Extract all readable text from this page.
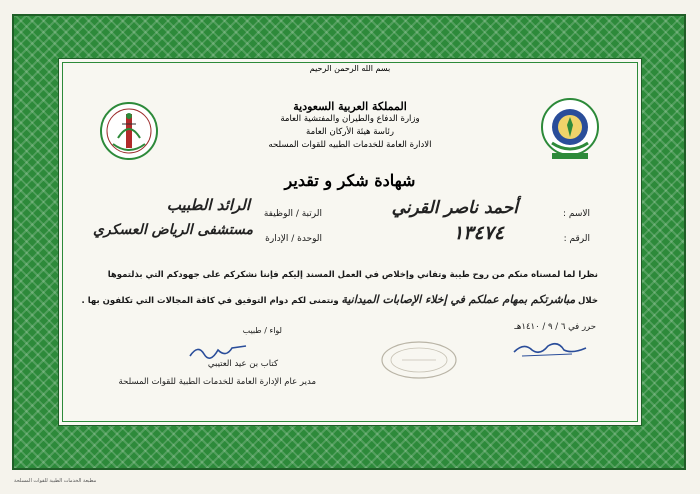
بسم الله الرحمن الرحيم
المملكة العربية السعودية
وزارة الدفاع والطيران والمفتشية العامة
رئاسة هيئة الأركان العامة
الادارة العامة للخدمات الطبيه للقوات المسلحه
شهادة شكر و تقدير
الاسم :
أحمد ناصر القرني
الرتبة / الوظيفة
الرائد الطبيب
الرقم :
١٣٤٧٤
الوحدة / الإدارة
مستشفى الرياض العسكري
نظرا لما لمسناه منكم من روح طيبة وتفاني وإخلاص في العمل المسند إليكم فإننا نشكركم على جهودكم التي بذلتموها
خلال مباشرتكم بمهام عملكم في إخلاء الإصابات الميدانية ونتمنى لكم دوام التوفيق في كافة المجالات التي تكلفون بها .
حرر في ٦ / ٩ / ١٤١٠هـ
لواء / طبيب
كتاب بن عيد العتيبي
مدير عام الإدارة العامة للخدمات الطبية للقوات المسلحة
مطبعة الخدمات الطبية للقوات المسلحة
